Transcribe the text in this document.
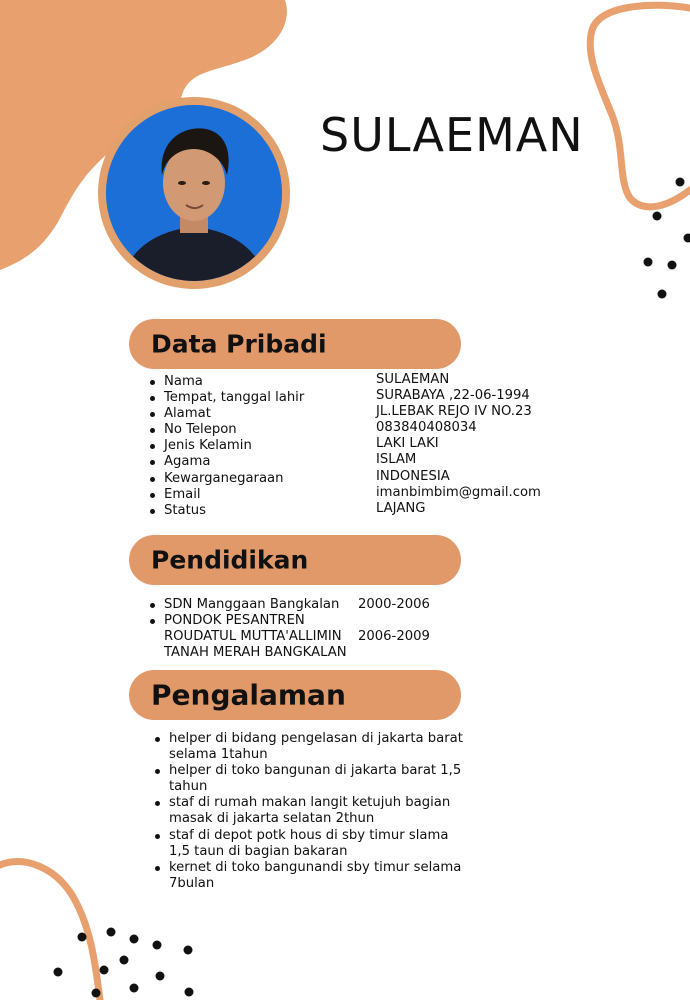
SULAEMAN
Data Pribadi
Nama
Tempat, tanggal lahir
Alamat
No Telepon
Jenis Kelamin
Agama
Kewarganegaraan
Email
Status
SULAEMAN
SURABAYA ,22-06-1994
JL.LEBAK REJO IV NO.23
083840408034
LAKI LAKI
ISLAM
INDONESIA
imanbimbim@gmail.com
LAJANG
Pendidikan
SDN Manggaan Bangkalan 2000-2006
PONDOK PESANTREN
ROUDATUL MUTTA'ALLIMIN
TANAH MERAH BANGKALAN
2006-2009
Pengalaman
helper di bidang pengelasan di jakarta barat selama 1tahun
helper di toko bangunan di jakarta barat 1,5 tahun
staf di rumah makan langit ketujuh bagian masak di jakarta selatan 2thun
staf di depot potk hous di sby timur slama 1,5 taun di bagian bakaran
kernet di toko bangunandi sby timur selama 7bulan
